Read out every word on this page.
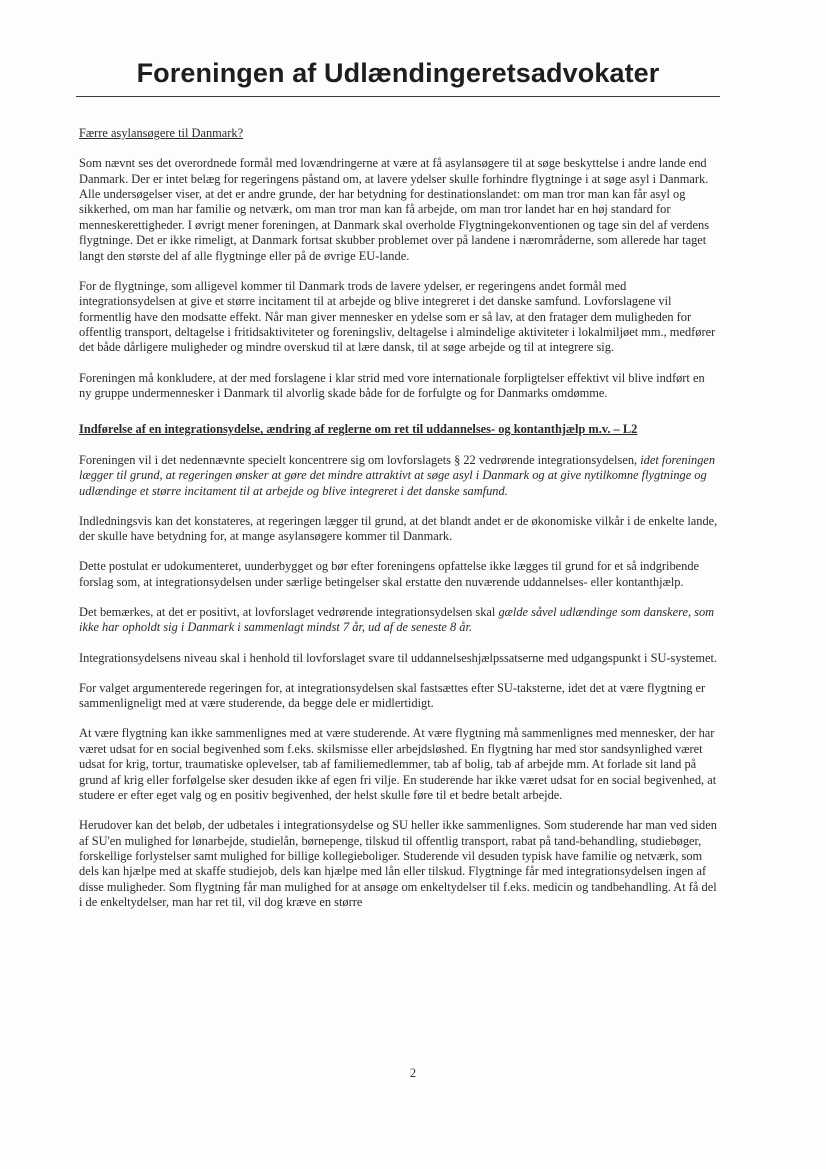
Foreningen af Udlændingeretsadvokater

Færre asylansøgere til Danmark?

Som nævnt ses det overordnede formål med lovændringerne at være at få asylansøgere til at søge beskyttelse i andre lande end Danmark. Der er intet belæg for regeringens påstand om, at lavere ydelser skulle forhindre flygtninge i at søge asyl i Danmark. Alle undersøgelser viser, at det er andre grunde, der har betydning for destinationslandet: om man tror man kan får asyl og sikkerhed, om man har familie og netværk, om man tror man kan få arbejde, om man tror landet har en høj standard for menneskerettigheder. I øvrigt mener foreningen, at Danmark skal overholde Flygtningekonventionen og tage sin del af verdens flygtninge. Det er ikke rimeligt, at Danmark fortsat skubber problemet over på landene i nærområderne, som allerede har taget langt den største del af alle flygtninge eller på de øvrige EU-lande.

For de flygtninge, som alligevel kommer til Danmark trods de lavere ydelser, er regeringens andet formål med integrationsydelsen at give et større incitament til at arbejde og blive integreret i det danske samfund. Lovforslagene vil formentlig have den modsatte effekt. Når man giver mennesker en ydelse som er så lav, at den fratager dem muligheden for offentlig transport, deltagelse i fritidsaktiviteter og foreningsliv, deltagelse i almindelige aktiviteter i lokalmiljøet mm., medfører det både dårligere muligheder og mindre overskud til at lære dansk, til at søge arbejde og til at integrere sig.

Foreningen må konkludere, at der med forslagene i klar strid med vore internationale forpligtelser effektivt vil blive indført en ny gruppe undermennesker i Danmark til alvorlig skade både for de forfulgte og for Danmarks omdømme.

Indførelse af en integrationsydelse, ændring af reglerne om ret til uddannelses- og kontanthjælp m.v. – L2

Foreningen vil i det nedennævnte specielt koncentrere sig om lovforslagets § 22 vedrørende integrationsydelsen, idet foreningen lægger til grund, at regeringen ønsker at gøre det mindre attraktivt at søge asyl i Danmark og at give nytilkomne flygtninge og udlændinge et større incitament til at arbejde og blive integreret i det danske samfund.

Indledningsvis kan det konstateres, at regeringen lægger til grund, at det blandt andet er de økonomiske vilkår i de enkelte lande, der skulle have betydning for, at mange asylansøgere kommer til Danmark.

Dette postulat er udokumenteret, uunderbygget og bør efter foreningens opfattelse ikke lægges til grund for et så indgribende forslag som, at integrationsydelsen under særlige betingelser skal erstatte den nuværende uddannelses- eller kontanthjælp.

Det bemærkes, at det er positivt, at lovforslaget vedrørende integrationsydelsen skal gælde såvel udlændinge som danskere, som ikke har opholdt sig i Danmark i sammenlagt mindst 7 år, ud af de seneste 8 år.

Integrationsydelsens niveau skal i henhold til lovforslaget svare til uddannelseshjælpssatserne med udgangspunkt i SU-systemet.

For valget argumenterede regeringen for, at integrationsydelsen skal fastsættes efter SU-taksterne, idet det at være flygtning er sammenligneligt med at være studerende, da begge dele er midlertidigt.

At være flygtning kan ikke sammenlignes med at være studerende. At være flygtning må sammenlignes med mennesker, der har været udsat for en social begivenhed som f.eks. skilsmisse eller arbejdsløshed. En flygtning har med stor sandsynlighed været udsat for krig, tortur, traumatiske oplevelser, tab af familiemedlemmer, tab af bolig, tab af arbejde mm. At forlade sit land på grund af krig eller forfølgelse sker desuden ikke af egen fri vilje. En studerende har ikke været udsat for en social begivenhed, at studere er efter eget valg og en positiv begivenhed, der helst skulle føre til et bedre betalt arbejde.

Herudover kan det beløb, der udbetales i integrationsydelse og SU heller ikke sammenlignes. Som studerende har man ved siden af SU'en mulighed for lønarbejde, studielån, børnepenge, tilskud til offentlig transport, rabat på tand-behandling, studiebøger, forskellige forlystelser samt mulighed for billige kollegieboliger. Studerende vil desuden typisk have familie og netværk, som dels kan hjælpe med at skaffe studiejob, dels kan hjælpe med lån eller tilskud. Flygtninge får med integrationsydelsen ingen af disse muligheder. Som flygtning får man mulighed for at ansøge om enkeltydelser til f.eks. medicin og tandbehandling. At få del i de enkeltydelser, man har ret til, vil dog kræve en større

2
